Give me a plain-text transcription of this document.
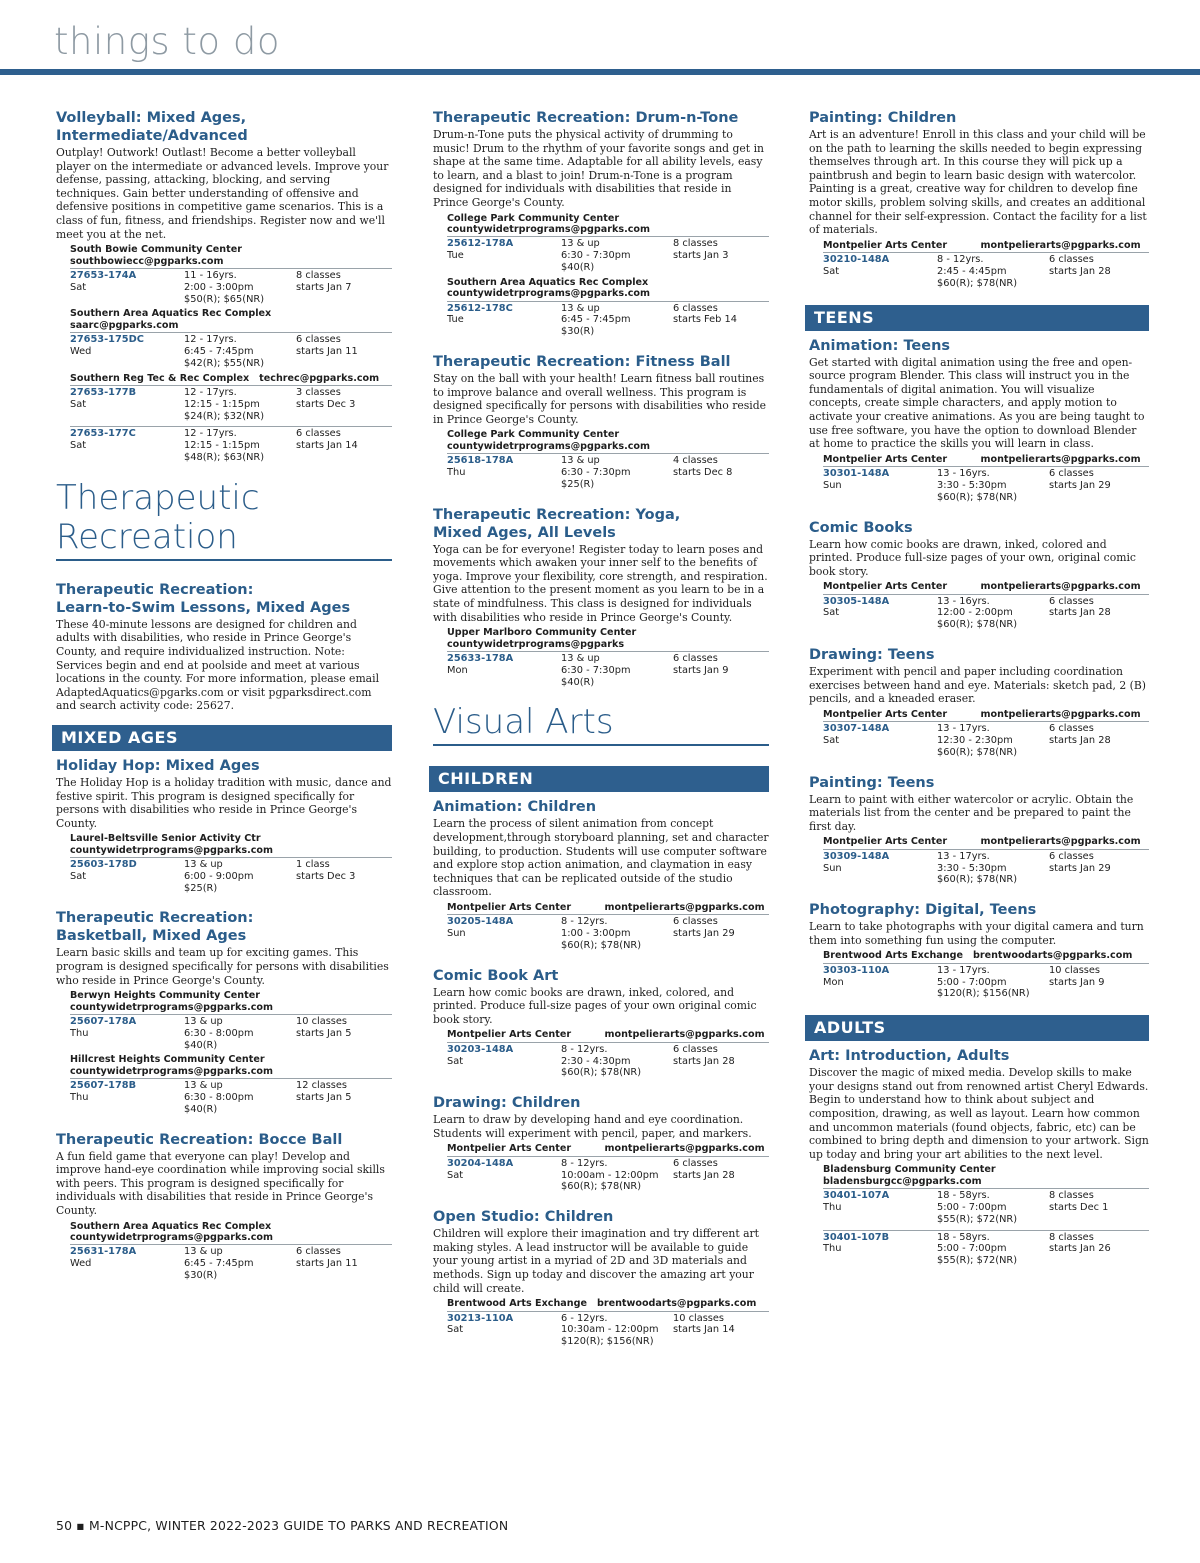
things to do
Volleyball: Mixed Ages,
Intermediate/Advanced
Outplay! Outwork! Outlast! Become a better volleyball player on the intermediate or advanced levels. Improve your defense, passing, attacking, blocking, and serving techniques. Gain better understanding of offensive and defensive positions in competitive game scenarios. This is a class of fun, fitness, and friendships. Register now and we'll meet you at the net.
South Bowie Community Center
southbowiecc@pgparks.com
27653-174A	11 - 16yrs.	8 classes
Sat	2:00 - 3:00pm	starts Jan 7
$50(R); $65(NR)
Southern Area Aquatics Rec Complex
saarc@pgparks.com
27653-175DC	12 - 17yrs.	6 classes
Wed	6:45 - 7:45pm	starts Jan 11
$42(R); $55(NR)
Southern Reg Tec & Rec Complex   techrec@pgparks.com
27653-177B	12 - 17yrs.	3 classes
Sat	12:15 - 1:15pm	starts Dec 3
$24(R); $32(NR)
27653-177C	12 - 17yrs.	6 classes
Sat	12:15 - 1:15pm	starts Jan 14
$48(R); $63(NR)
Therapeutic
Recreation
Therapeutic Recreation:
Learn-to-Swim Lessons, Mixed Ages
These 40-minute lessons are designed for children and adults with disabilities, who reside in Prince George's County, and require individualized instruction. Note: Services begin and end at poolside and meet at various locations in the county. For more information, please email AdaptedAquatics@pgarks.com or visit pgparksdirect.com and search activity code: 25627.
MIXED AGES
Holiday Hop: Mixed Ages
The Holiday Hop is a holiday tradition with music, dance and festive spirit. This program is designed specifically for persons with disabilities who reside in Prince George's County.
Laurel-Beltsville Senior Activity Ctr
countywidetrprograms@pgparks.com
25603-178D	13 & up	1 class
Sat	6:00 - 9:00pm	starts Dec 3
$25(R)
Therapeutic Recreation:
Basketball, Mixed Ages
Learn basic skills and team up for exciting games. This program is designed specifically for persons with disabilities who reside in Prince George's County.
Berwyn Heights Community Center
countywidetrprograms@pgparks.com
25607-178A	13 & up	10 classes
Thu	6:30 - 8:00pm	starts Jan 5
$40(R)
Hillcrest Heights Community Center
countywidetrprograms@pgparks.com
25607-178B	13 & up	12 classes
Thu	6:30 - 8:00pm	starts Jan 5
$40(R)
Therapeutic Recreation: Bocce Ball
A fun field game that everyone can play! Develop and improve hand-eye coordination while improving social skills with peers. This program is designed specifically for individuals with disabilities that reside in Prince George's County.
Southern Area Aquatics Rec Complex
countywidetrprograms@pgparks.com
25631-178A	13 & up	6 classes
Wed	6:45 - 7:45pm	starts Jan 11
$30(R)
Therapeutic Recreation: Drum-n-Tone
Drum-n-Tone puts the physical activity of drumming to music! Drum to the rhythm of your favorite songs and get in shape at the same time. Adaptable for all ability levels, easy to learn, and a blast to join! Drum-n-Tone is a program designed for individuals with disabilities that reside in Prince George's County.
College Park Community Center
countywidetrprograms@pgparks.com
25612-178A	13 & up	8 classes
Tue	6:30 - 7:30pm	starts Jan 3
$40(R)
Southern Area Aquatics Rec Complex
countywidetrprograms@pgparks.com
25612-178C	13 & up	6 classes
Tue	6:45 - 7:45pm	starts Feb 14
$30(R)
Therapeutic Recreation: Fitness Ball
Stay on the ball with your health! Learn fitness ball routines to improve balance and overall wellness. This program is designed specifically for persons with disabilities who reside in Prince George's County.
College Park Community Center
countywidetrprograms@pgparks.com
25618-178A	13 & up	4 classes
Thu	6:30 - 7:30pm	starts Dec 8
$25(R)
Therapeutic Recreation: Yoga,
Mixed Ages, All Levels
Yoga can be for everyone! Register today to learn poses and movements which awaken your inner self to the benefits of yoga. Improve your flexibility, core strength, and respiration. Give attention to the present moment as you learn to be in a state of mindfulness. This class is designed for individuals with disabilities who reside in Prince George's County.
Upper Marlboro Community Center
countywidetrprograms@pgparks
25633-178A	13 & up	6 classes
Mon	6:30 - 7:30pm	starts Jan 9
$40(R)
Visual Arts
CHILDREN
Animation: Children
Learn the process of silent animation from concept development,through storyboard planning, set and character building, to production. Students will use computer software and explore stop action animation, and claymation in easy techniques that can be replicated outside of the studio classroom.
Montpelier Arts Center          montpelierarts@pgparks.com
30205-148A	8 - 12yrs.	6 classes
Sun	1:00 - 3:00pm	starts Jan 29
$60(R); $78(NR)
Comic Book Art
Learn how comic books are drawn, inked, colored, and printed. Produce full-size pages of your own original comic book story.
Montpelier Arts Center          montpelierarts@pgparks.com
30203-148A	8 - 12yrs.	6 classes
Sat	2:30 - 4:30pm	starts Jan 28
$60(R); $78(NR)
Drawing: Children
Learn to draw by developing hand and eye coordination. Students will experiment with pencil, paper, and markers.
Montpelier Arts Center          montpelierarts@pgparks.com
30204-148A	8 - 12yrs.	6 classes
Sat	10:00am - 12:00pm	starts Jan 28
$60(R); $78(NR)
Open Studio: Children
Children will explore their imagination and try different art making styles. A lead instructor will be available to guide your young artist in a myriad of 2D and 3D materials and methods. Sign up today and discover the amazing art your child will create.
Brentwood Arts Exchange   brentwoodarts@pgparks.com
30213-110A	6 - 12yrs.	10 classes
Sat	10:30am - 12:00pm	starts Jan 14
$120(R); $156(NR)
Painting: Children
Art is an adventure! Enroll in this class and your child will be on the path to learning the skills needed to begin expressing themselves through art. In this course they will pick up a paintbrush and begin to learn basic design with watercolor. Painting is a great, creative way for children to develop fine motor skills, problem solving skills, and creates an additional channel for their self-expression. Contact the facility for a list of materials.
Montpelier Arts Center          montpelierarts@pgparks.com
30210-148A	8 - 12yrs.	6 classes
Sat	2:45 - 4:45pm	starts Jan 28
$60(R); $78(NR)
TEENS
Animation: Teens
Get started with digital animation using the free and open-source program Blender. This class will instruct you in the fundamentals of digital animation. You will visualize concepts, create simple characters, and apply motion to activate your creative animations. As you are being taught to use free software, you have the option to download Blender at home to practice the skills you will learn in class.
Montpelier Arts Center          montpelierarts@pgparks.com
30301-148A	13 - 16yrs.	6 classes
Sun	3:30 - 5:30pm	starts Jan 29
$60(R); $78(NR)
Comic Books
Learn how comic books are drawn, inked, colored and printed. Produce full-size pages of your own, original comic book story.
Montpelier Arts Center          montpelierarts@pgparks.com
30305-148A	13 - 16yrs.	6 classes
Sat	12:00 - 2:00pm	starts Jan 28
$60(R); $78(NR)
Drawing: Teens
Experiment with pencil and paper including coordination exercises between hand and eye. Materials: sketch pad, 2 (B) pencils, and a kneaded eraser.
Montpelier Arts Center          montpelierarts@pgparks.com
30307-148A	13 - 17yrs.	6 classes
Sat	12:30 - 2:30pm	starts Jan 28
$60(R); $78(NR)
Painting: Teens
Learn to paint with either watercolor or acrylic. Obtain the materials list from the center and be prepared to paint the first day.
Montpelier Arts Center          montpelierarts@pgparks.com
30309-148A	13 - 17yrs.	6 classes
Sun	3:30 - 5:30pm	starts Jan 29
$60(R); $78(NR)
Photography: Digital, Teens
Learn to take photographs with your digital camera and turn them into something fun using the computer.
Brentwood Arts Exchange   brentwoodarts@pgparks.com
30303-110A	13 - 17yrs.	10 classes
Mon	5:00 - 7:00pm	starts Jan 9
$120(R); $156(NR)
ADULTS
Art: Introduction, Adults
Discover the magic of mixed media. Develop skills to make your designs stand out from renowned artist Cheryl Edwards. Begin to understand how to think about subject and composition, drawing, as well as layout. Learn how common and uncommon materials (found objects, fabric, etc) can be combined to bring depth and dimension to your artwork. Sign up today and bring your art abilities to the next level.
Bladensburg Community Center
bladensburgcc@pgparks.com
30401-107A	18 - 58yrs.	8 classes
Thu	5:00 - 7:00pm	starts Dec 1
$55(R); $72(NR)
30401-107B	18 - 58yrs.	8 classes
Thu	5:00 - 7:00pm	starts Jan 26
$55(R); $72(NR)
50 ▪ M-NCPPC, WINTER 2022-2023 GUIDE TO PARKS AND RECREATION
